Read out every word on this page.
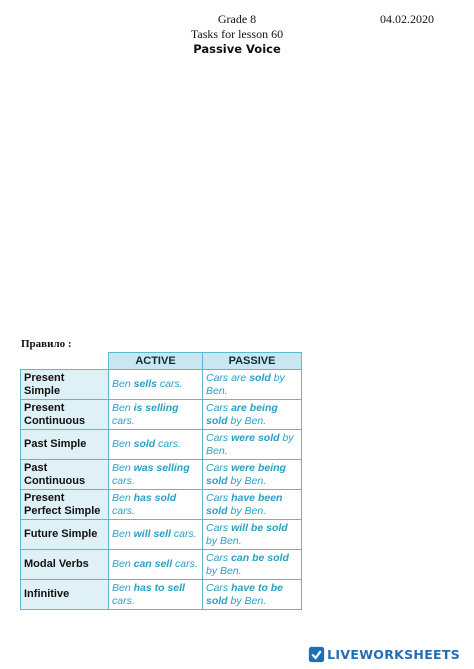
Grade 8	04.02.2020
Tasks for lesson 60
Passive Voice
Правило :
	ACTIVE	PASSIVE
Present
Simple	Ben sells cars.	Cars are sold by Ben.
Present
Continuous	Ben is selling cars.	Cars are being sold by Ben.
Past Simple	Ben sold cars.	Cars were sold by Ben.
Past
Continuous	Ben was selling cars.	Cars were being sold by Ben.
Present
Perfect Simple	Ben has sold cars.	Cars have been sold by Ben.
Future Simple	Ben will sell cars.	Cars will be sold by Ben.
Modal Verbs	Ben can sell cars.	Cars can be sold by Ben.
Infinitive	Ben has to sell cars.	Cars have to be sold by Ben.
LIVE WORKSHEETS
